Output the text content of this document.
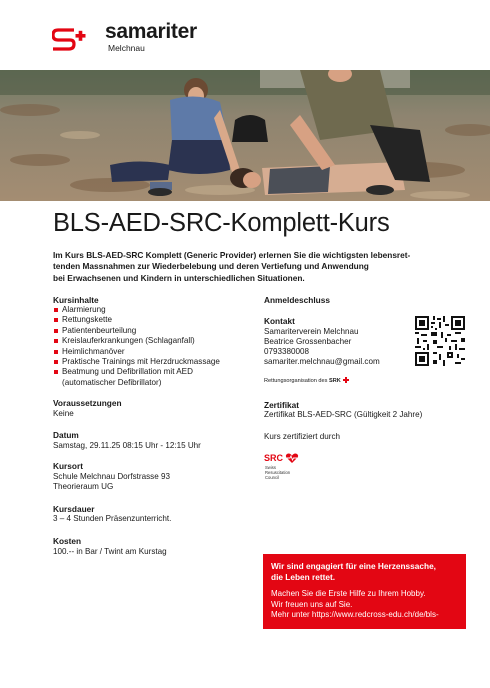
samariter
Melchnau
BLS-AED-SRC-Komplett-Kurs
Im Kurs BLS-AED-SRC Komplett (Generic Provider) erlernen Sie die wichtigsten lebensret-
tenden Massnahmen zur Wiederbelebung und deren Vertiefung und Anwendung
bei Erwachsenen und Kindern in unterschiedlichen Situationen.
Kursinhalte
Alarmierung
Rettungskette
Patientenbeurteilung
Kreislauferkrankungen (Schlaganfall)
Heimlichmanöver
Praktische Trainings mit Herzdruckmassage
Beatmung und Defibrillation mit AED
(automatischer Defibrillator)
Voraussetzungen
Keine
Datum
Samstag, 29.11.25 08:15 Uhr - 12:15 Uhr
Kursort
Schule Melchnau Dorfstrasse 93
Theorieraum UG
Kursdauer
3 – 4 Stunden Präsenzunterricht.
Kosten
100.-- in Bar / Twint am Kurstag
Anmeldeschluss
Kontakt
Samariterverein Melchnau
Beatrice Grossenbacher
0793380008
samariter.melchnau@gmail.com
Rettungsorganisation des SRK
Zertifikat
Zertifikat BLS-AED-SRC (Gültigkeit 2 Jahre)
Kurs zertifiziert durch
SRC
Swiss
Resuscitation
Council
Wir sind engagiert für eine Herzenssache,
die Leben rettet.
Machen Sie die Erste Hilfe zu Ihrem Hobby.
Wir freuen uns auf Sie.
Mehr unter https://www.redcross-edu.ch/de/bls-
